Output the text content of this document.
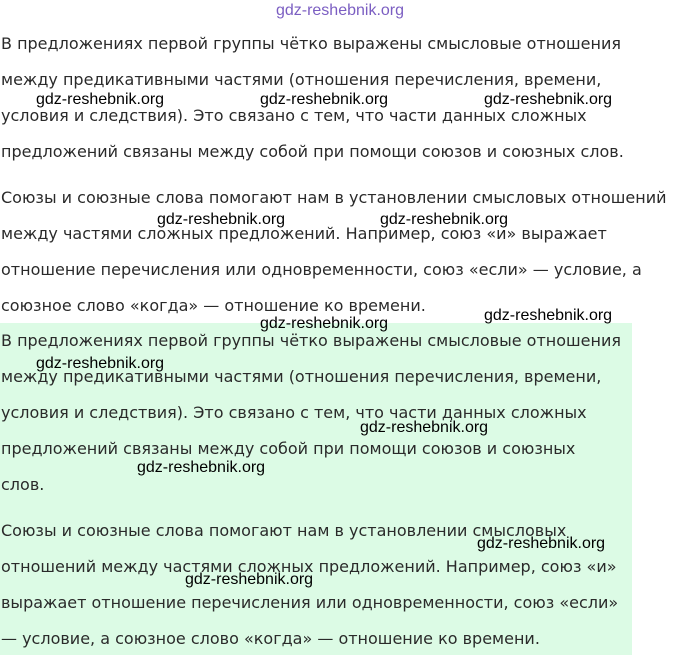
gdz-reshebnik.org
В предложениях первой группы чётко выражены смысловые отношения
между предикативными частями (отношения перечисления, времени,
условия и следствия). Это связано с тем, что части данных сложных
предложений связаны между собой при помощи союзов и союзных слов.
Союзы и союзные слова помогают нам в установлении смысловых отношений
между частями сложных предложений. Например, союз «и» выражает
отношение перечисления или одновременности, союз «если» — условие, а
союзное слово «когда» — отношение ко времени.
В предложениях первой группы чётко выражены смысловые отношения
между предикативными частями (отношения перечисления, времени,
условия и следствия). Это связано с тем, что части данных сложных
предложений связаны между собой при помощи союзов и союзных
слов.
Союзы и союзные слова помогают нам в установлении смысловых
отношений между частями сложных предложений. Например, союз «и»
выражает отношение перечисления или одновременности, союз «если»
— условие, а союзное слово «когда» — отношение ко времени.
gdz-reshebnik.org	gdz-reshebnik.org	gdz-reshebnik.org
gdz-reshebnik.org	gdz-reshebnik.org
gdz-reshebnik.org	gdz-reshebnik.org
gdz-reshebnik.org
gdz-reshebnik.org
gdz-reshebnik.org
gdz-reshebnik.org
gdz-reshebnik.org
